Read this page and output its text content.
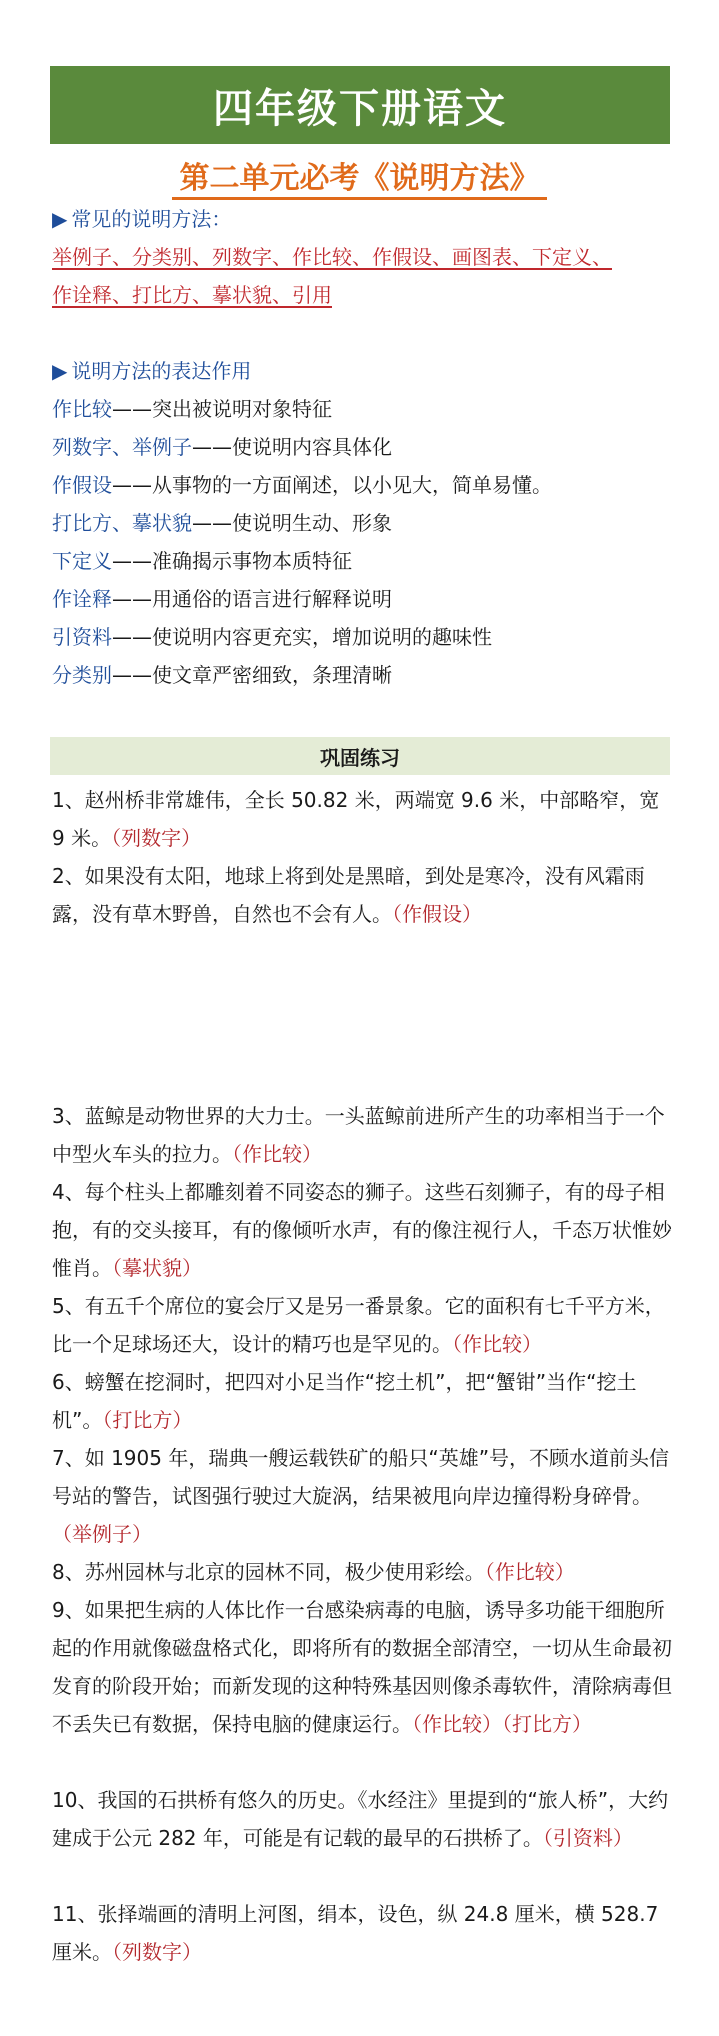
四年级下册语文
第二单元必考《说明方法》
▶ 常见的说明方法：
举例子、分类别、列数字、作比较、作假设、画图表、下定义、
作诠释、打比方、摹状貌、引用
▶ 说明方法的表达作用
作比较——突出被说明对象特征
列数字、举例子——使说明内容具体化
作假设——从事物的一方面阐述，以小见大，简单易懂。
打比方、摹状貌——使说明生动、形象
下定义——准确揭示事物本质特征
作诠释——用通俗的语言进行解释说明
引资料——使说明内容更充实，增加说明的趣味性
分类别——使文章严密细致，条理清晰
巩固练习
1、赵州桥非常雄伟，全长 50.82 米，两端宽 9.6 米，中部略窄，宽 9 米。（列数字）
2、如果没有太阳，地球上将到处是黑暗，到处是寒冷，没有风霜雨露，没有草木野兽，自然也不会有人。（作假设）
3、蓝鲸是动物世界的大力士。一头蓝鲸前进所产生的功率相当于一个中型火车头的拉力。（作比较）
4、每个柱头上都雕刻着不同姿态的狮子。这些石刻狮子，有的母子相抱，有的交头接耳，有的像倾听水声，有的像注视行人，千态万状惟妙惟肖。（摹状貌）
5、有五千个席位的宴会厅又是另一番景象。它的面积有七千平方米，比一个足球场还大，设计的精巧也是罕见的。（作比较）
6、螃蟹在挖洞时，把四对小足当作“挖土机”，把“蟹钳”当作“挖土机”。（打比方）
7、如 1905 年，瑞典一艘运载铁矿的船只“英雄”号，不顾水道前头信号站的警告，试图强行驶过大旋涡，结果被甩向岸边撞得粉身碎骨。（举例子）
8、苏州园林与北京的园林不同，极少使用彩绘。（作比较）
9、如果把生病的人体比作一台感染病毒的电脑，诱导多功能干细胞所起的作用就像磁盘格式化，即将所有的数据全部清空，一切从生命最初发育的阶段开始；而新发现的这种特殊基因则像杀毒软件，清除病毒但不丢失已有数据，保持电脑的健康运行。（作比较）（打比方）
10、我国的石拱桥有悠久的历史。《水经注》里提到的“旅人桥”，大约建成于公元 282 年，可能是有记载的最早的石拱桥了。（引资料）
11、张择端画的清明上河图，绢本，设色，纵 24.8 厘米，横 528.7 厘米。（列数字）
